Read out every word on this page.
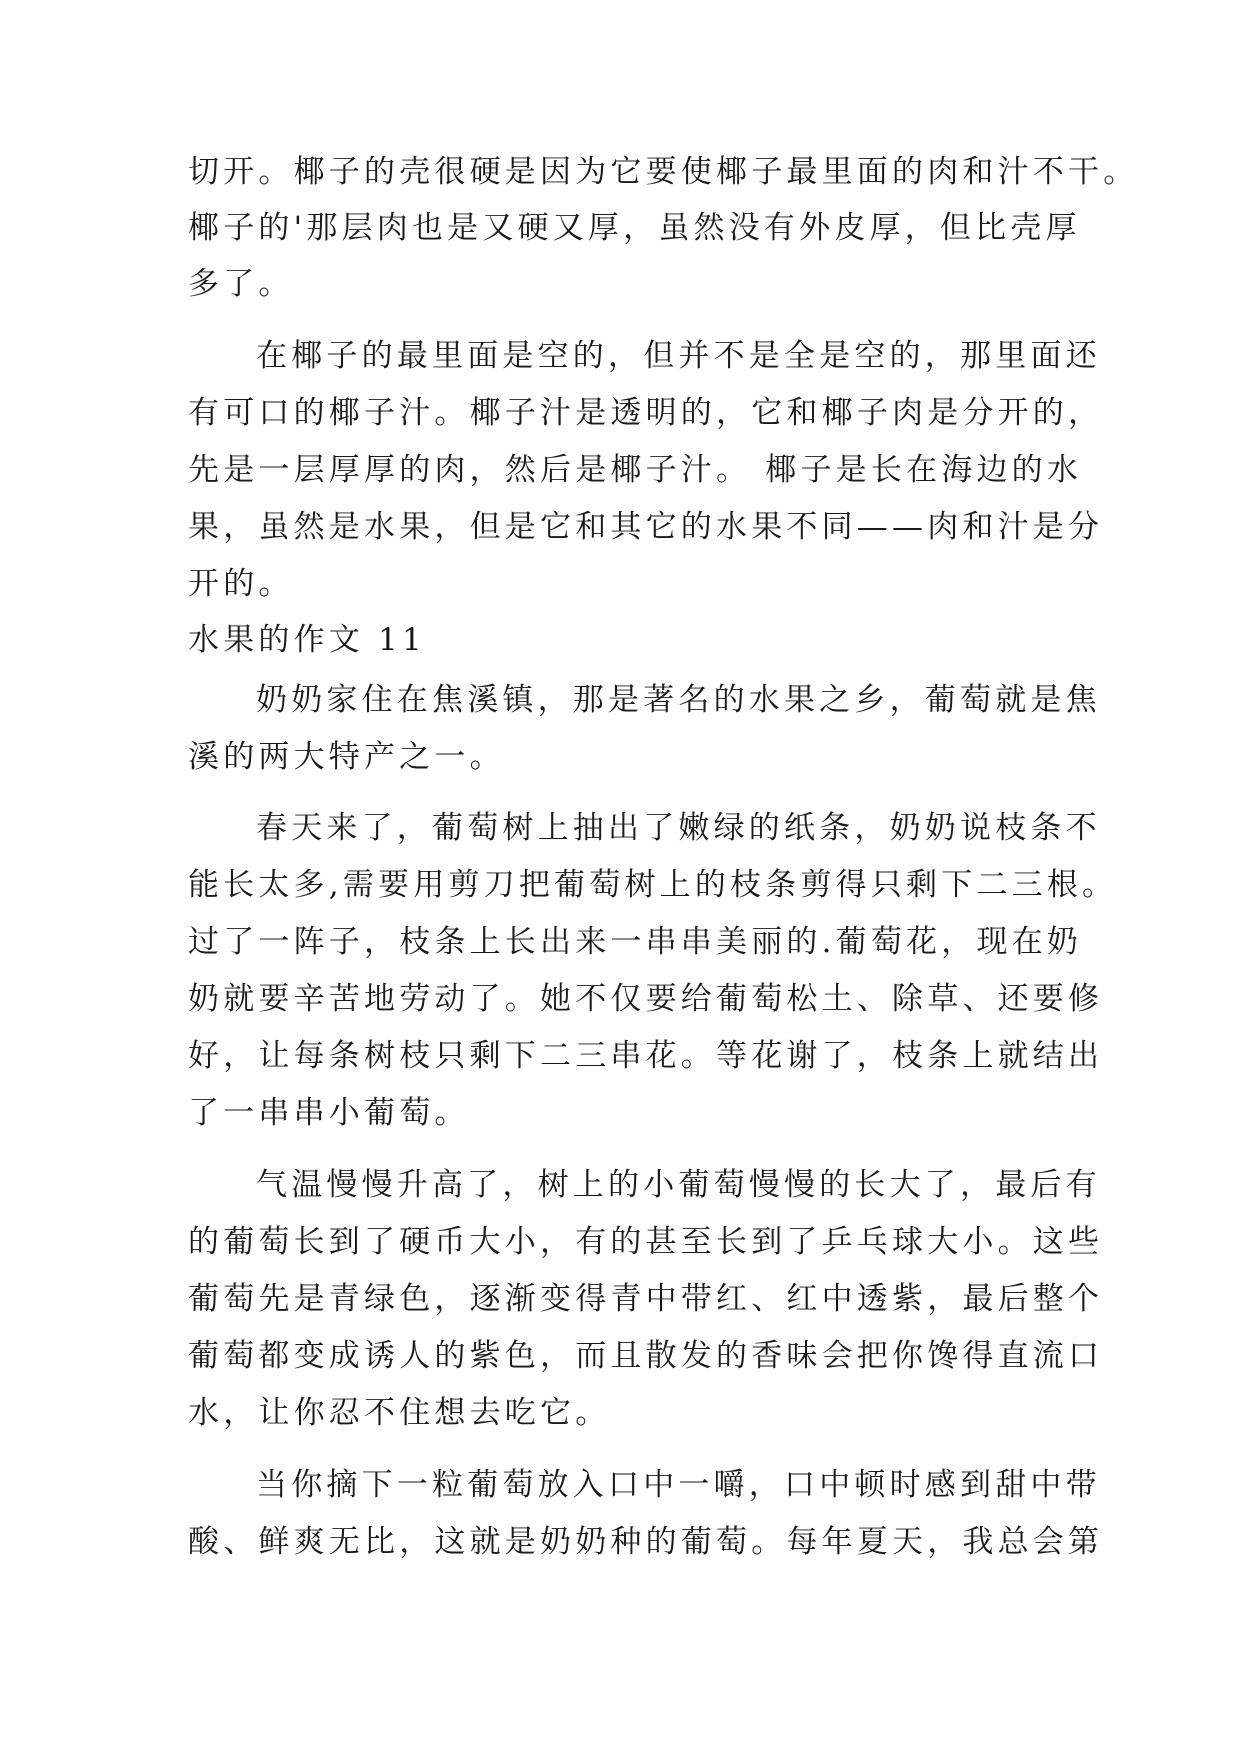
切开。椰子的壳很硬是因为它要使椰子最里面的肉和汁不干。
椰子的'那层肉也是又硬又厚，虽然没有外皮厚，但比壳厚
多了。
在椰子的最里面是空的，但并不是全是空的，那里面还
有可口的椰子汁。椰子汁是透明的，它和椰子肉是分开的，
先是一层厚厚的肉，然后是椰子汁。 椰子是长在海边的水
果，虽然是水果，但是它和其它的水果不同——肉和汁是分
开的。
水果的作文 11
奶奶家住在焦溪镇，那是著名的水果之乡，葡萄就是焦
溪的两大特产之一。
春天来了，葡萄树上抽出了嫩绿的纸条，奶奶说枝条不
能长太多,需要用剪刀把葡萄树上的枝条剪得只剩下二三根。
过了一阵子，枝条上长出来一串串美丽的.葡萄花，现在奶
奶就要辛苦地劳动了。她不仅要给葡萄松土、除草、还要修
好，让每条树枝只剩下二三串花。等花谢了，枝条上就结出
了一串串小葡萄。
气温慢慢升高了，树上的小葡萄慢慢的长大了，最后有
的葡萄长到了硬币大小，有的甚至长到了乒乓球大小。这些
葡萄先是青绿色，逐渐变得青中带红、红中透紫，最后整个
葡萄都变成诱人的紫色，而且散发的香味会把你馋得直流口
水，让你忍不住想去吃它。
当你摘下一粒葡萄放入口中一嚼，口中顿时感到甜中带
酸、鲜爽无比，这就是奶奶种的葡萄。每年夏天，我总会第
